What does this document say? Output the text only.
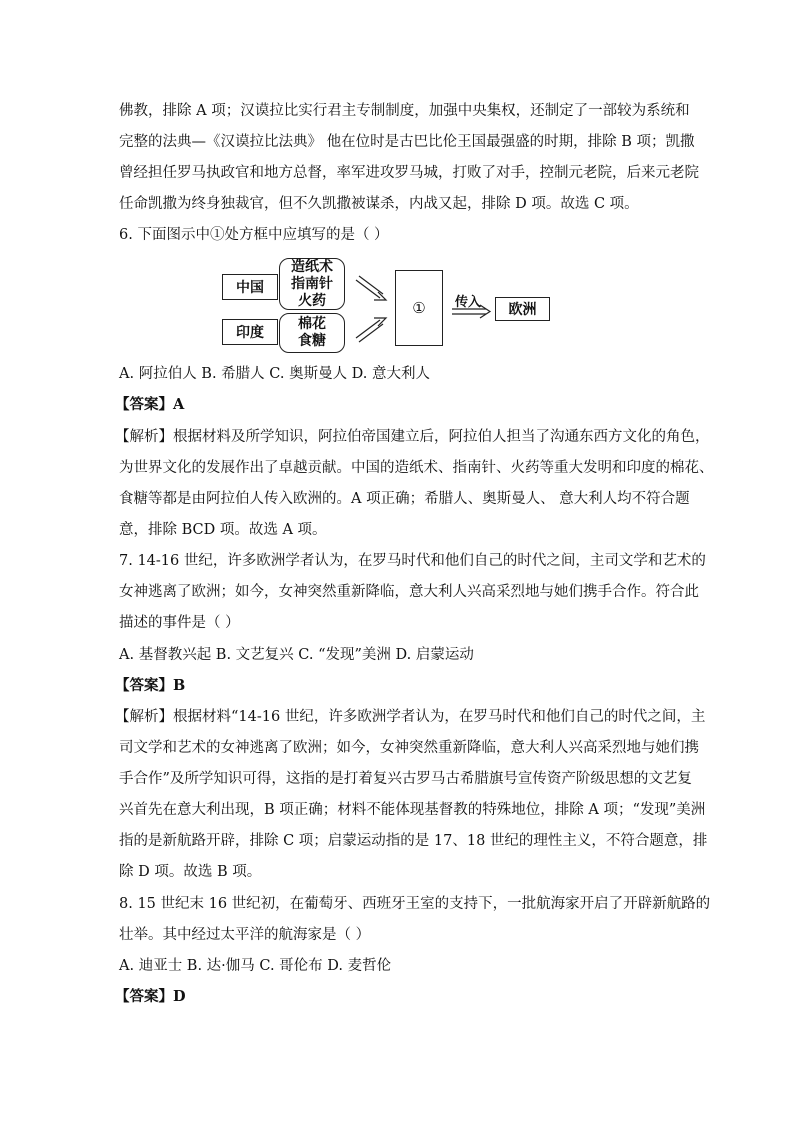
佛教，排除 A 项；汉谟拉比实行君主专制制度，加强中央集权，还制定了一部较为系统和
完整的法典—《汉谟拉比法典》 他在位时是古巴比伦王国最强盛的时期，排除 B 项；凯撒
曾经担任罗马执政官和地方总督，率军进攻罗马城，打败了对手，控制元老院，后来元老院
任命凯撒为终身独裁官，但不久凯撒被谋杀，内战又起，排除 D 项。故选 C 项。
6. 下面图示中①处方框中应填写的是（ ）
中国
印度
造纸术
指南针
火药
棉花
食糖
①	传入	欧洲
A. 阿拉伯人 B. 希腊人 C. 奥斯曼人 D. 意大利人
【答案】A
【解析】根据材料及所学知识，阿拉伯帝国建立后，阿拉伯人担当了沟通东西方文化的角色，
为世界文化的发展作出了卓越贡献。中国的造纸术、指南针、火药等重大发明和印度的棉花、
食糖等都是由阿拉伯人传入欧洲的。A 项正确；希腊人、奥斯曼人、 意大利人均不符合题
意，排除 BCD 项。故选 A 项。
7. 14-16 世纪，许多欧洲学者认为，在罗马时代和他们自己的时代之间，主司文学和艺术的
女神逃离了欧洲；如今，女神突然重新降临，意大利人兴高采烈地与她们携手合作。符合此
描述的事件是（ ）
A. 基督教兴起 B. 文艺复兴 C. “发现”美洲 D. 启蒙运动
【答案】B
【解析】根据材料“14-16 世纪，许多欧洲学者认为，在罗马时代和他们自己的时代之间，主
司文学和艺术的女神逃离了欧洲；如今，女神突然重新降临，意大利人兴高采烈地与她们携
手合作”及所学知识可得，这指的是打着复兴古罗马古希腊旗号宣传资产阶级思想的文艺复
兴首先在意大利出现，B 项正确；材料不能体现基督教的特殊地位，排除 A 项；“发现”美洲
指的是新航路开辟，排除 C 项；启蒙运动指的是 17、18 世纪的理性主义，不符合题意，排
除 D 项。故选 B 项。
8. 15 世纪末 16 世纪初，在葡萄牙、西班牙王室的支持下，一批航海家开启了开辟新航路的
壮举。其中经过太平洋的航海家是（ ）
A. 迪亚士 B. 达·伽马 C. 哥伦布 D. 麦哲伦
【答案】D
